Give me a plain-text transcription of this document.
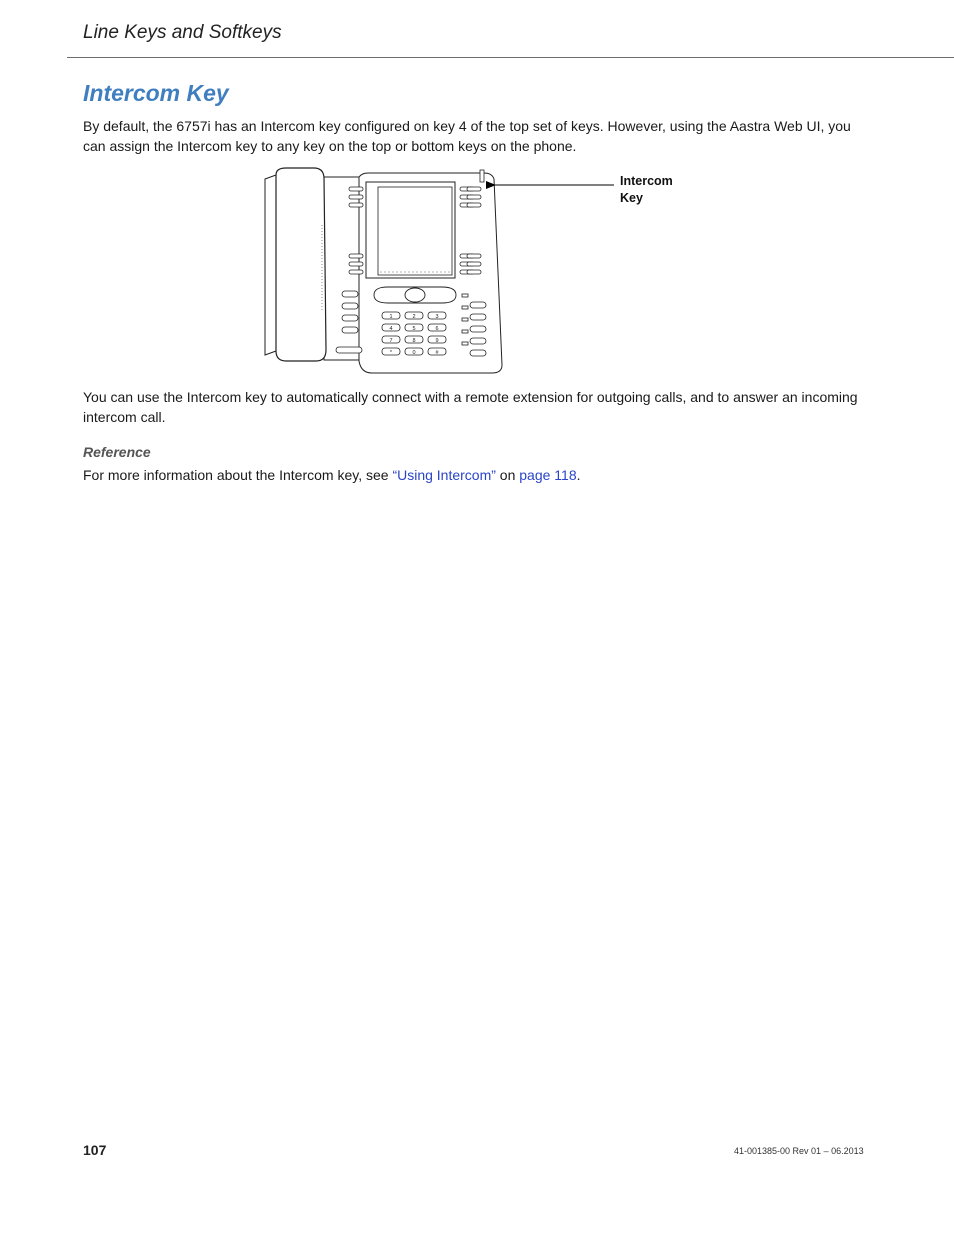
Line Keys and Softkeys
Intercom Key
By default, the 6757i has an Intercom key configured on key 4 of the top set of keys. However, using the Aastra Web UI, you can assign the Intercom key to any key on the top or bottom keys on the phone.
1	2	3
4	5	6
7	8	9
*	0	#
Intercom
Key
You can use the Intercom key to automatically connect with a remote extension for outgoing calls, and to answer an incoming intercom call.
Reference
For more information about the Intercom key, see “Using Intercom” on page 118.
107	41-001385-00 Rev 01 – 06.2013
